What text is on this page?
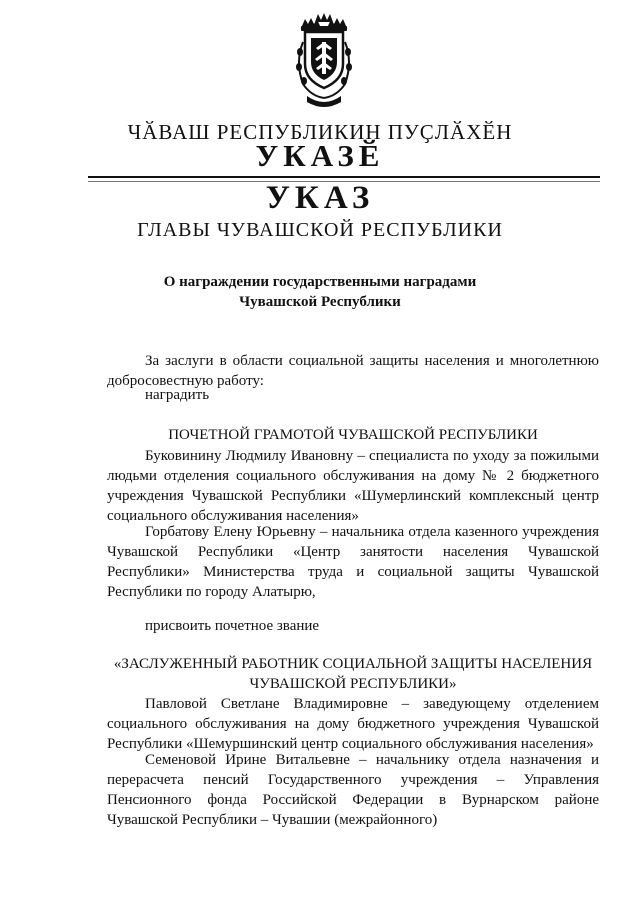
ЧӐВАШ РЕСПУБЛИКИН ПУҪЛӐХӖН
УКАЗӖ
УКАЗ
ГЛАВЫ ЧУВАШСКОЙ РЕСПУБЛИКИ
О награждении государственными наградами
Чувашской Республики
За заслуги в области социальной защиты населения и многолетнюю добросовестную работу:
наградить
ПОЧЕТНОЙ ГРАМОТОЙ ЧУВАШСКОЙ РЕСПУБЛИКИ
Буковинину Людмилу Ивановну – специалиста по уходу за пожилыми людьми отделения социального обслуживания на дому № 2 бюджетного учреждения Чувашской Республики «Шумерлинский комплексный центр социального обслуживания населения»
Горбатову Елену Юрьевну – начальника отдела казенного учреждения Чувашской Республики «Центр занятости населения Чувашской Республики» Министерства труда и социальной защиты Чувашской Республики по городу Алатырю,
присвоить почетное звание
«ЗАСЛУЖЕННЫЙ РАБОТНИК СОЦИАЛЬНОЙ ЗАЩИТЫ НАСЕЛЕНИЯ
ЧУВАШСКОЙ РЕСПУБЛИКИ»
Павловой Светлане Владимировне – заведующему отделением социального обслуживания на дому бюджетного учреждения Чувашской Республики «Шемуршинский центр социального обслуживания населения»
Семеновой Ирине Витальевне – начальнику отдела назначения и перерасчета пенсий Государственного учреждения – Управления Пенсионного фонда Российской Федерации в Вурнарском районе Чувашской Республики – Чувашии (межрайонного)
